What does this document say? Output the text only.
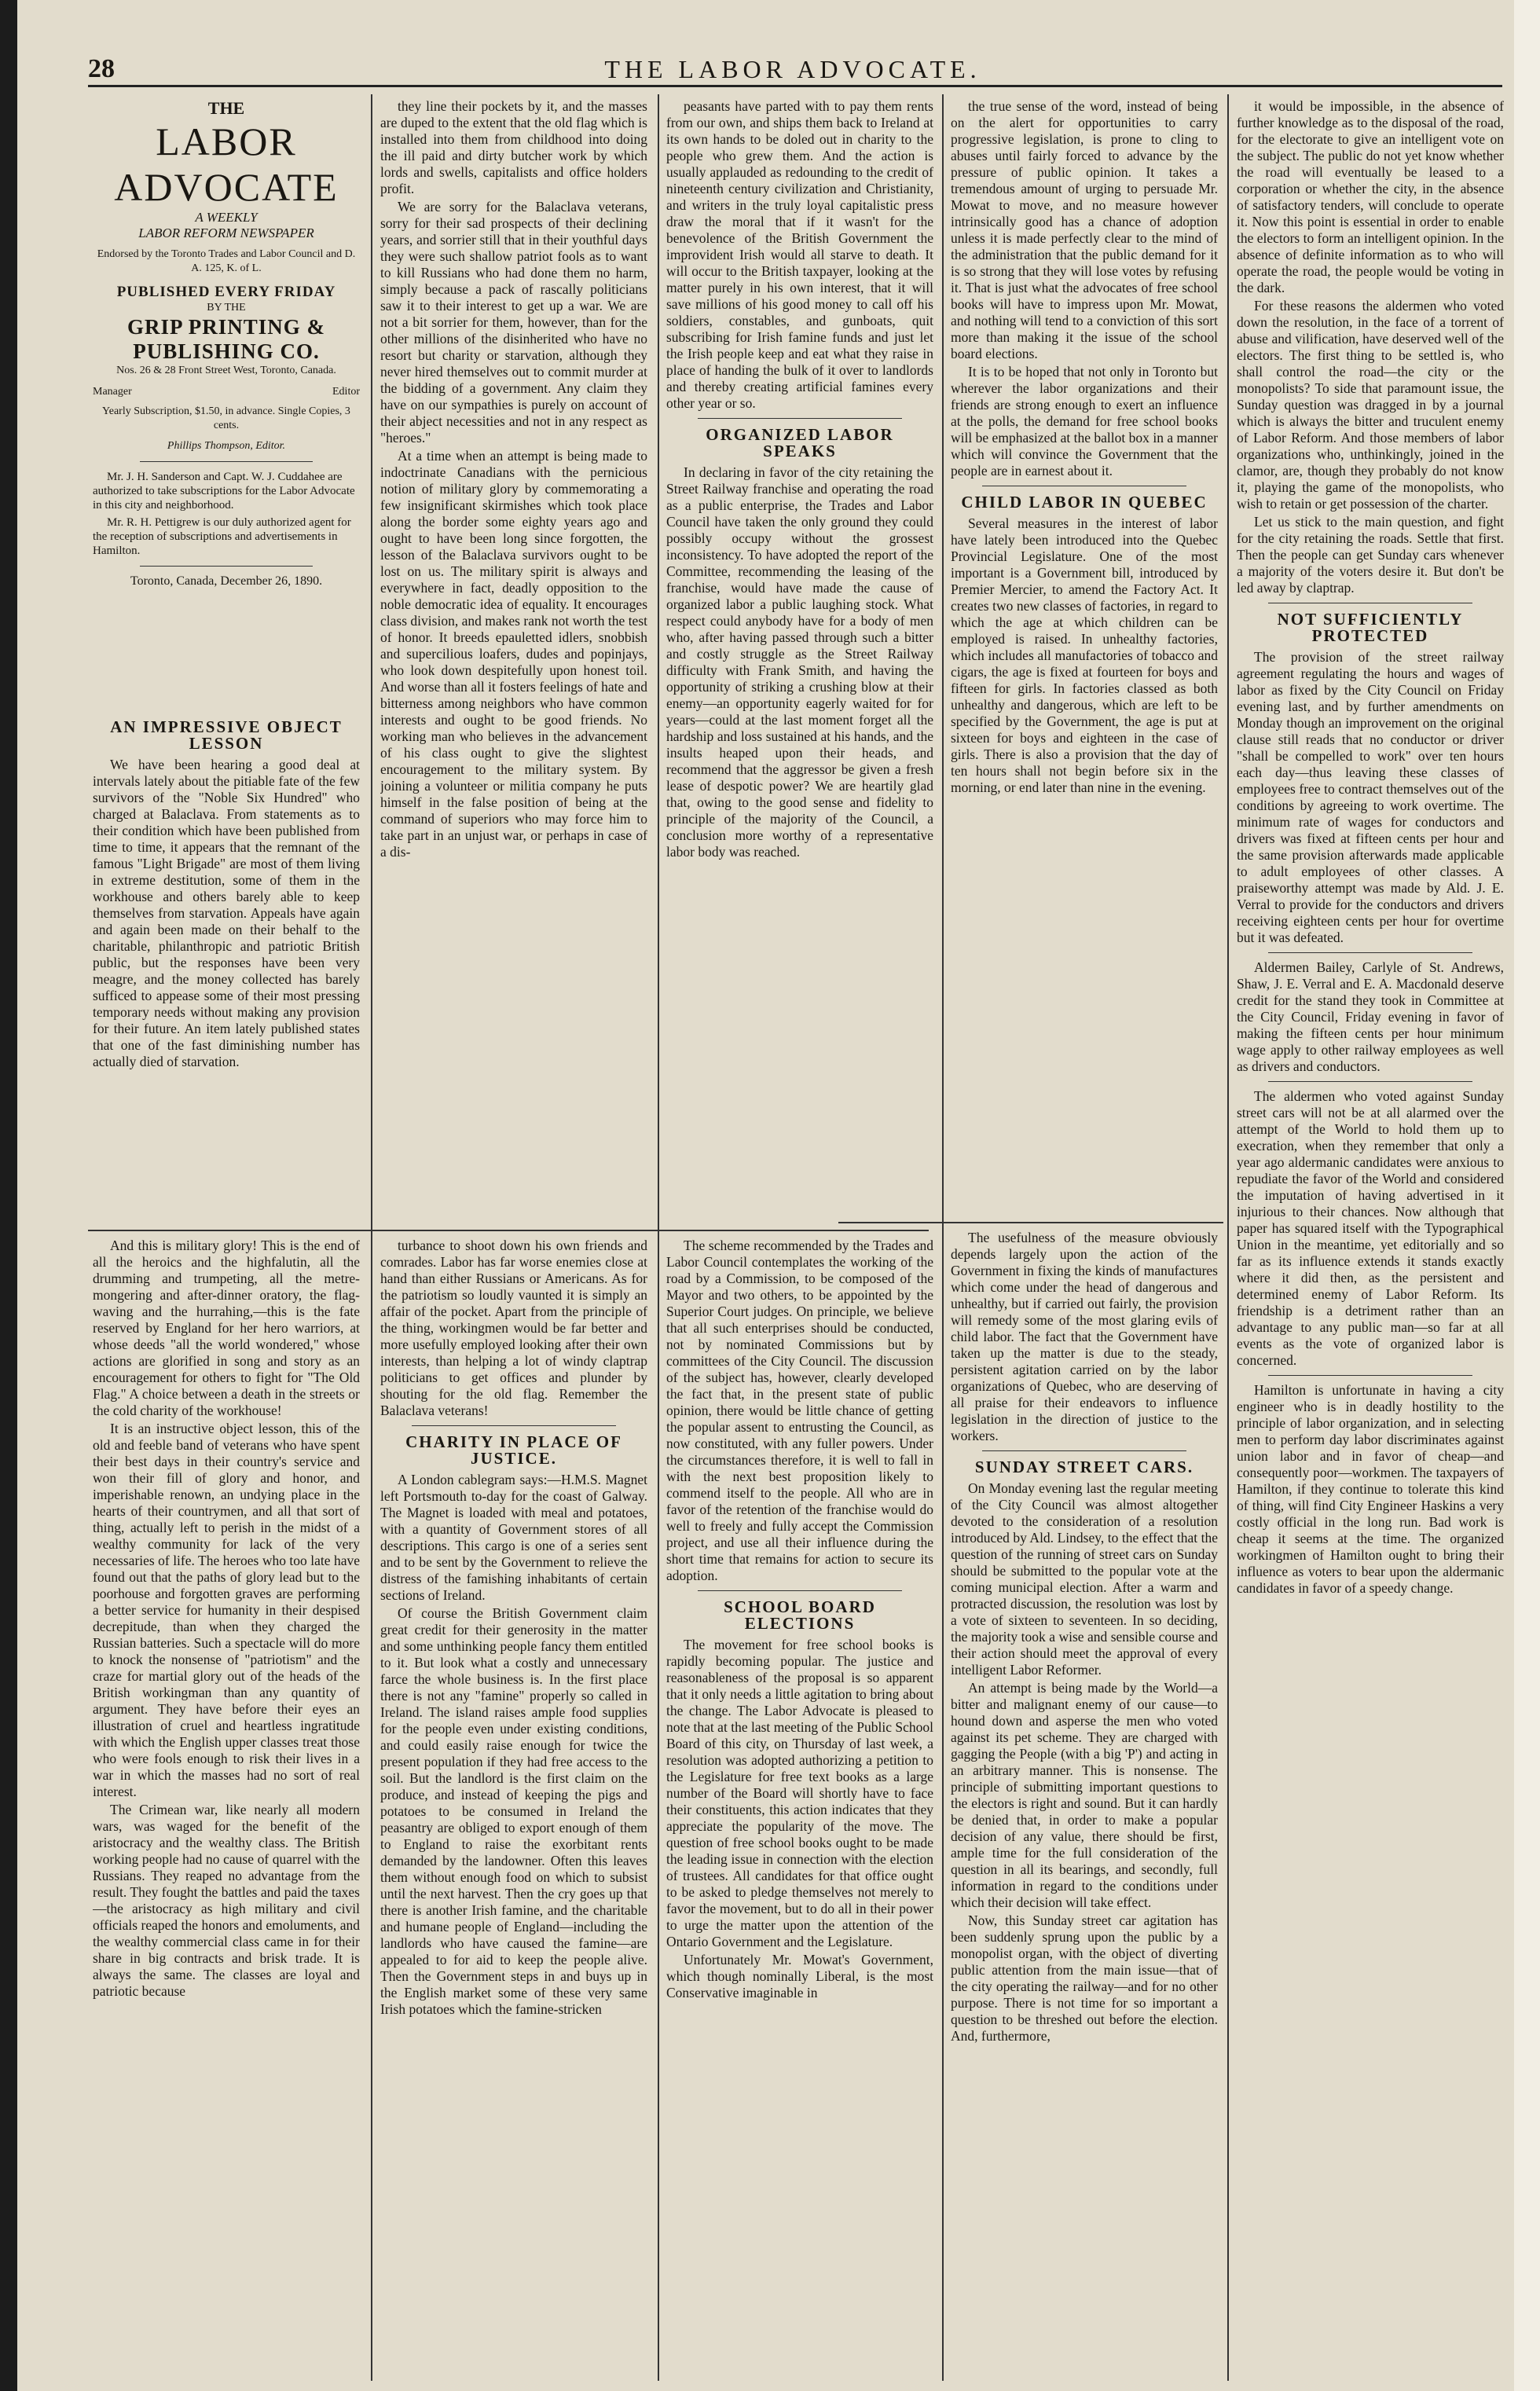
28	THE LABOR ADVOCATE.
THE
LABOR ADVOCATE
A WEEKLY
LABOR REFORM NEWSPAPER
Endorsed by the Toronto Trades and Labor Council and D. A. 125, K. of L.
PUBLISHED EVERY FRIDAY
BY THE
GRIP PRINTING & PUBLISHING CO.
Nos. 26 & 28 Front Street West, Toronto, Canada.
Manager	Editor
Yearly Subscription, $1.50, in advance. Single Copies, 3 cents.
Phillips Thompson, Editor.
Mr. J. H. Sanderson and Capt. W. J. Cuddahee are authorized to take subscriptions for the Labor Advocate in this city and neighborhood.
Mr. R. H. Pettigrew is our duly authorized agent for the reception of subscriptions and advertisements in Hamilton.
Toronto, Canada, December 26, 1890.
AN IMPRESSIVE OBJECT LESSON

We have been hearing a good deal at intervals lately about the pitiable fate of the few survivors of the "Noble Six Hundred" who charged at Balaclava. From statements as to their condition which have been published from time to time, it appears that the remnant of the famous "Light Brigade" are most of them living in extreme destitution, some of them in the workhouse and others barely able to keep themselves from starvation. Appeals have again and again been made on their behalf to the charitable, philanthropic and patriotic British public, but the responses have been very meagre, and the money collected has barely sufficed to appease some of their most pressing temporary needs without making any provision for their future. An item lately published states that one of the fast diminishing number has actually died of starvation.

And this is military glory! This is the end of all the heroics and the highfalutin, all the drumming and trumpeting, all the metre-mongering and after-dinner oratory, the flag-waving and the hurrahing,—this is the fate reserved by England for her hero warriors, at whose deeds "all the world wondered," whose actions are glorified in song and story as an encouragement for others to fight for "The Old Flag." A choice between a death in the streets or the cold charity of the workhouse!

It is an instructive object lesson, this of the old and feeble band of veterans who have spent their best days in their country's service and won their fill of glory and honor, and imperishable renown, an undying place in the hearts of their countrymen, and all that sort of thing, actually left to perish in the midst of a wealthy community for lack of the very necessaries of life. The heroes who too late have found out that the paths of glory lead but to the poorhouse and forgotten graves are performing a better service for humanity in their despised decrepitude, than when they charged the Russian batteries. Such a spectacle will do more to knock the nonsense of "patriotism" and the craze for martial glory out of the heads of the British workingman than any quantity of argument. They have before their eyes an illustration of cruel and heartless ingratitude with which the English upper classes treat those who were fools enough to risk their lives in a war in which the masses had no sort of real interest.

The Crimean war, like nearly all modern wars, was waged for the benefit of the aristocracy and the wealthy class. The British working people had no cause of quarrel with the Russians. They reaped no advantage from the result. They fought the battles and paid the taxes—the aristocracy as high military and civil officials reaped the honors and emoluments, and the wealthy commercial class came in for their share in big contracts and brisk trade. It is always the same. The classes are loyal and patriotic because

they line their pockets by it, and the masses are duped to the extent that the old flag which is installed into them from childhood into doing the ill paid and dirty butcher work by which lords and swells, capitalists and office holders profit.

We are sorry for the Balaclava veterans, sorry for their sad prospects of their declining years, and sorrier still that in their youthful days they were such shallow patriot fools as to want to kill Russians who had done them no harm, simply because a pack of rascally politicians saw it to their interest to get up a war. We are not a bit sorrier for them, however, than for the other millions of the disinherited who have no resort but charity or starvation, although they never hired themselves out to commit murder at the bidding of a government. Any claim they have on our sympathies is purely on account of their abject necessities and not in any respect as "heroes."

At a time when an attempt is being made to indoctrinate Canadians with the pernicious notion of military glory by commemorating a few insignificant skirmishes which took place along the border some eighty years ago and ought to have been long since forgotten, the lesson of the Balaclava survivors ought to be lost on us. The military spirit is always and everywhere in fact, deadly opposition to the noble democratic idea of equality. It encourages class division, and makes rank not worth the test of honor. It breeds epauletted idlers, snobbish and supercilious loafers, dudes and popinjays, who look down despitefully upon honest toil. And worse than all it fosters feelings of hate and bitterness among neighbors who have common interests and ought to be good friends. No working man who believes in the advancement of his class ought to give the slightest encouragement to the military system. By joining a volunteer or militia company he puts himself in the false position of being at the command of superiors who may force him to take part in an unjust war, or perhaps in case of a dis-

turbance to shoot down his own friends and comrades. Labor has far worse enemies close at hand than either Russians or Americans. As for the patriotism so loudly vaunted it is simply an affair of the pocket. Apart from the principle of the thing, workingmen would be far better and more usefully employed looking after their own interests, than helping a lot of windy claptrap politicians to get offices and plunder by shouting for the old flag. Remember the Balaclava veterans!

CHARITY IN PLACE OF JUSTICE.

A London cablegram says:—H.M.S. Magnet left Portsmouth to-day for the coast of Galway. The Magnet is loaded with meal and potatoes, with a quantity of Government stores of all descriptions. This cargo is one of a series sent and to be sent by the Government to relieve the distress of the famishing inhabitants of certain sections of Ireland.

Of course the British Government claim great credit for their generosity in the matter and some unthinking people fancy them entitled to it. But look what a costly and unnecessary farce the whole business is. In the first place there is not any "famine" properly so called in Ireland. The island raises ample food supplies for the people even under existing conditions, and could easily raise enough for twice the present population if they had free access to the soil. But the landlord is the first claim on the produce, and instead of keeping the pigs and potatoes to be consumed in Ireland the peasantry are obliged to export enough of them to England to raise the exorbitant rents demanded by the landowner. Often this leaves them without enough food on which to subsist until the next harvest. Then the cry goes up that there is another Irish famine, and the charitable and humane people of England—including the landlords who have caused the famine—are appealed to for aid to keep the people alive. Then the Government steps in and buys up in the English market some of these very same Irish potatoes which the famine-stricken

peasants have parted with to pay them rents from our own, and ships them back to Ireland at its own hands to be doled out in charity to the people who grew them. And the action is usually applauded as redounding to the credit of nineteenth century civilization and Christianity, and writers in the truly loyal capitalistic press draw the moral that if it wasn't for the benevolence of the British Government the improvident Irish would all starve to death. It will occur to the British taxpayer, looking at the matter purely in his own interest, that it will save millions of his good money to call off his soldiers, constables, and gunboats, quit subscribing for Irish famine funds and just let the Irish people keep and eat what they raise in place of handing the bulk of it over to landlords and thereby creating artificial famines every other year or so.

ORGANIZED LABOR SPEAKS

In declaring in favor of the city retaining the Street Railway franchise and operating the road as a public enterprise, the Trades and Labor Council have taken the only ground they could possibly occupy without the grossest inconsistency. To have adopted the report of the Committee, recommending the leasing of the franchise, would have made the cause of organized labor a public laughing stock. What respect could anybody have for a body of men who, after having passed through such a bitter and costly struggle as the Street Railway difficulty with Frank Smith, and having the opportunity of striking a crushing blow at their enemy—an opportunity eagerly waited for for years—could at the last moment forget all the hardship and loss sustained at his hands, and the insults heaped upon their heads, and recommend that the aggressor be given a fresh lease of despotic power? We are heartily glad that, owing to the good sense and fidelity to principle of the majority of the Council, a conclusion more worthy of a representative labor body was reached.

The scheme recommended by the Trades and Labor Council contemplates the working of the road by a Commission, to be composed of the Mayor and two others, to be appointed by the Superior Court judges. On principle, we believe that all such enterprises should be conducted, not by nominated Commissions but by committees of the City Council. The discussion of the subject has, however, clearly developed the fact that, in the present state of public opinion, there would be little chance of getting the popular assent to entrusting the Council, as now constituted, with any fuller powers. Under the circumstances therefore, it is well to fall in with the next best proposition likely to commend itself to the people. All who are in favor of the retention of the franchise would do well to freely and fully accept the Commission project, and use all their influence during the short time that remains for action to secure its adoption.

SCHOOL BOARD ELECTIONS

The movement for free school books is rapidly becoming popular. The justice and reasonableness of the proposal is so apparent that it only needs a little agitation to bring about the change. The Labor Advocate is pleased to note that at the last meeting of the Public School Board of this city, on Thursday of last week, a resolution was adopted authorizing a petition to the Legislature for free text books as a large number of the Board will shortly have to face their constituents, this action indicates that they appreciate the popularity of the move. The question of free school books ought to be made the leading issue in connection with the election of trustees. All candidates for that office ought to be asked to pledge themselves not merely to favor the movement, but to do all in their power to urge the matter upon the attention of the Ontario Government and the Legislature.

Unfortunately Mr. Mowat's Government, which though nominally Liberal, is the most Conservative imaginable in

the true sense of the word, instead of being on the alert for opportunities to carry progressive legislation, is prone to cling to abuses until fairly forced to advance by the pressure of public opinion. It takes a tremendous amount of urging to persuade Mr. Mowat to move, and no measure however intrinsically good has a chance of adoption unless it is made perfectly clear to the mind of the administration that the public demand for it is so strong that they will lose votes by refusing it. That is just what the advocates of free school books will have to impress upon Mr. Mowat, and nothing will tend to a conviction of this sort more than making it the issue of the school board elections.

It is to be hoped that not only in Toronto but wherever the labor organizations and their friends are strong enough to exert an influence at the polls, the demand for free school books will be emphasized at the ballot box in a manner which will convince the Government that the people are in earnest about it.

CHILD LABOR IN QUEBEC

Several measures in the interest of labor have lately been introduced into the Quebec Provincial Legislature. One of the most important is a Government bill, introduced by Premier Mercier, to amend the Factory Act. It creates two new classes of factories, in regard to which the age at which children can be employed is raised. In unhealthy factories, which includes all manufactories of tobacco and cigars, the age is fixed at fourteen for boys and fifteen for girls. In factories classed as both unhealthy and dangerous, which are left to be specified by the Government, the age is put at sixteen for boys and eighteen in the case of girls. There is also a provision that the day of ten hours shall not begin before six in the morning, or end later than nine in the evening.

The usefulness of the measure obviously depends largely upon the action of the Government in fixing the kinds of manufactures which come under the head of dangerous and unhealthy, but if carried out fairly, the provision will remedy some of the most glaring evils of child labor. The fact that the Government have taken up the matter is due to the steady, persistent agitation carried on by the labor organizations of Quebec, who are deserving of all praise for their endeavors to influence legislation in the direction of justice to the workers.

SUNDAY STREET CARS.

On Monday evening last the regular meeting of the City Council was almost altogether devoted to the consideration of a resolution introduced by Ald. Lindsey, to the effect that the question of the running of street cars on Sunday should be submitted to the popular vote at the coming municipal election. After a warm and protracted discussion, the resolution was lost by a vote of sixteen to seventeen. In so deciding, the majority took a wise and sensible course and their action should meet the approval of every intelligent Labor Reformer.

An attempt is being made by the World—a bitter and malignant enemy of our cause—to hound down and asperse the men who voted against its pet scheme. They are charged with gagging the People (with a big 'P') and acting in an arbitrary manner. This is nonsense. The principle of submitting important questions to the electors is right and sound. But it can hardly be denied that, in order to make a popular decision of any value, there should be first, ample time for the full consideration of the question in all its bearings, and secondly, full information in regard to the conditions under which their decision will take effect.

Now, this Sunday street car agitation has been suddenly sprung upon the public by a monopolist organ, with the object of diverting public attention from the main issue—that of the city operating the railway—and for no other purpose. There is not time for so important a question to be threshed out before the election. And, furthermore,

it would be impossible, in the absence of further knowledge as to the disposal of the road, for the electorate to give an intelligent vote on the subject. The public do not yet know whether the road will eventually be leased to a corporation or whether the city, in the absence of satisfactory tenders, will conclude to operate it. Now this point is essential in order to enable the electors to form an intelligent opinion. In the absence of definite information as to who will operate the road, the people would be voting in the dark.

For these reasons the aldermen who voted down the resolution, in the face of a torrent of abuse and vilification, have deserved well of the electors. The first thing to be settled is, who shall control the road—the city or the monopolists? To side that paramount issue, the Sunday question was dragged in by a journal which is always the bitter and truculent enemy of Labor Reform. And those members of labor organizations who, unthinkingly, joined in the clamor, are, though they probably do not know it, playing the game of the monopolists, who wish to retain or get possession of the charter.

Let us stick to the main question, and fight for the city retaining the roads. Settle that first. Then the people can get Sunday cars whenever a majority of the voters desire it. But don't be led away by claptrap.

NOT SUFFICIENTLY PROTECTED

The provision of the street railway agreement regulating the hours and wages of labor as fixed by the City Council on Friday evening last, and by further amendments on Monday though an improvement on the original clause still reads that no conductor or driver "shall be compelled to work" over ten hours each day—thus leaving these classes of employees free to contract themselves out of the conditions by agreeing to work overtime. The minimum rate of wages for conductors and drivers was fixed at fifteen cents per hour and the same provision afterwards made applicable to adult employees of other classes. A praiseworthy attempt was made by Ald. J. E. Verral to provide for the conductors and drivers receiving eighteen cents per hour for overtime but it was defeated.

Aldermen Bailey, Carlyle of St. Andrews, Shaw, J. E. Verral and E. A. Macdonald deserve credit for the stand they took in Committee at the City Council, Friday evening in favor of making the fifteen cents per hour minimum wage apply to other railway employees as well as drivers and conductors.

The aldermen who voted against Sunday street cars will not be at all alarmed over the attempt of the World to hold them up to execration, when they remember that only a year ago aldermanic candidates were anxious to repudiate the favor of the World and considered the imputation of having advertised in it injurious to their chances. Now although that paper has squared itself with the Typographical Union in the meantime, yet editorially and so far as its influence extends it stands exactly where it did then, as the persistent and determined enemy of Labor Reform. Its friendship is a detriment rather than an advantage to any public man—so far at all events as the vote of organized labor is concerned.

Hamilton is unfortunate in having a city engineer who is in deadly hostility to the principle of labor organization, and in selecting men to perform day labor discriminates against union labor and in favor of cheap—and consequently poor—workmen. The taxpayers of Hamilton, if they continue to tolerate this kind of thing, will find City Engineer Haskins a very costly official in the long run. Bad work is cheap it seems at the time. The organized workingmen of Hamilton ought to bring their influence as voters to bear upon the aldermanic candidates in favor of a speedy change.
